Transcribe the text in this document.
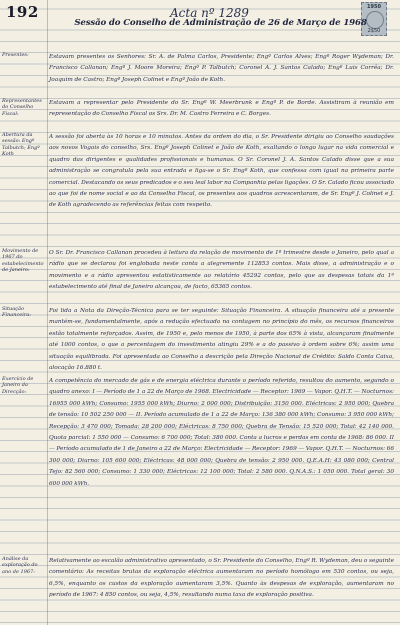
192	Acta nº 1289	1950
2$50
Sessão do Conselho de Administração de 26 de Março de 1968
Presentes:	Estavam presentes os Senhores: Sr. A. de Palma Carlos, Presidente; Engº Carlos Alves; Engº Roger Wydeman; Dr. Francisco Callanan; Engº J. Moore Moreira; Engº P. Talbutch; Coronel A. J. Santos Calado; Engº Luis Corrêa; Dr. Joaquim de Castro; Engº Joseph Colinet e Engº João de Koth.
Representantes do Conselho Fiscal:
Estavam a representar pelo Presidente do Sr. Engº W. Meerbrunk e Engº P. de Borde. Assistiram à reunião em representação do Conselho Fiscal os Srs. Dr. M. Castro Ferreira e C. Borges.
Abertura da sessão: Engº Talbutch; Engº Koth
A sessão foi aberta às 10 horas e 10 minutos. Antes da ordem do dia, o Sr. Presidente dirigiu ao Conselho saudações aos novos Vogais do conselho, Srs. Engº Joseph Colinet e João de Koth, exaltando o longo lugar na vida comercial e quadro das dirigentes e qualidades profissionais e humanas. O Sr. Coronel J. A. Santos Calado disse que a sua administração se congratula pela sua entrada e liga-se o Sr. Engº Koth, que confessa com igual na primeira parte comercial. Destacando os seus predicados e o seu leal labor na Companhia pelas ligações. O Sr. Calado ficou associado ao que foi de nome social e ao da Conselho Fiscal, os presentes aos quadros acrescentaram, de Sr. Engº J. Colinet e J. de Koth agradecendo as referências feitas com respeito.
Movimento de 1967 do estabelecimento de Janeiro:
O Sr. Dr. Francisco Callanan procedeu à leitura da relação de movimento de 1º trimestre desde o Janeiro, pelo qual a rádio que se declarou foi englobada neste conta a alegremente 112853 contos. Mais disse, a administração e o movimento e a rádio apresentou estatisticamente ao relatório 45292 contos, pelo que as despesas totais da 1ª estabelecimento até final de Janeiro alcançou, de facto, 65365 contos.
Situação Financeira:
Foi lida a Nota da Direção-Técnica para se ter seguinte: Situação Financeira. A situação financeira até a presente mantém-se, fundamentalmente, após a redução efectuada na contagem no princípio do mês, os recursos financeiros estão totalmente reforçados. Assim, de 1950 e, pelo menos de 1950, à parte dos 65% à vista, alcançaram finalmente até 1000 contos, o que a percentagem do investimento atingiu 29% e a do passivo à ordem sobre 6%; assim uma situação equilibrada. Foi apresentada ao Conselho a descrição pela Direção Nacional de Crédito: Saldo Conta Caixa, alocação 16.880 t.
Exercício de Janeiro da Direcção:
A competência do mercado de gás e de energia eléctrica durante o período referido, resultou do aumento, segundo o quadro anexo: I — Período de 1 a 22 de Março de 1968. Electricidade — Receptor: 1969 — Vapor. Q.H.T. — Nocturnos: 16955 000 kWh; Consumo: 1955 000 kWh; Diurno: 2 000 000; Distribuição: 3150 000. Eléctricas: 2 950 000; Quebra de tensão: 10 502 250 000 — II. Período acumulado de 1 a 22 de Março: 136 380 000 kWh; Consumo: 3 950 000 kWh; Recepção: 3 470 000; Tomada: 28 200 000; Eléctricas: 8 750 000; Quebra de Tensão: 15 520 000; Total: 42 140 000. Quota parcial: 1 550 000 — Consumo: 6 700 000; Total: 380 000. Conta a lucros e perdas em conta de 1968: 86 000. II — Período acumulado de 1 de Janeiro a 22 de Março: Electricidade — Receptor: 1969 — Vapor. Q.H.T. — Nocturnos: 66 300 000; Diurno: 105 600 000; Eléctricas: 48 000 000; Quebra de tensão: 2 950 000. Q.E.A.H: 43 080 000; Central Tejo: 82 560 000; Consumo: 1 330 000; Eléctricas: 12 100 000; Total: 2 580 000. Q.N.A.S.: 1 050 000. Total geral: 30 600 000 kWh.
Análise da exploração do ano de 1967:
Relativamente ao escalão administrativo apresentado, o Sr. Presidente do Conselho, Engº R. Wydeman, deu o seguinte comentário: As receitas brutas da exploração eléctrica aumentaram no período homólogo em 530 contos, ou seja, 6,5%, enquanto os custos da exploração aumentaram 3,5%. Quanto às despesas de exploração, aumentaram no período de 1967: 4 850 contos, ou seja, 4,5%, resultando numa taxa de exploração positiva.
